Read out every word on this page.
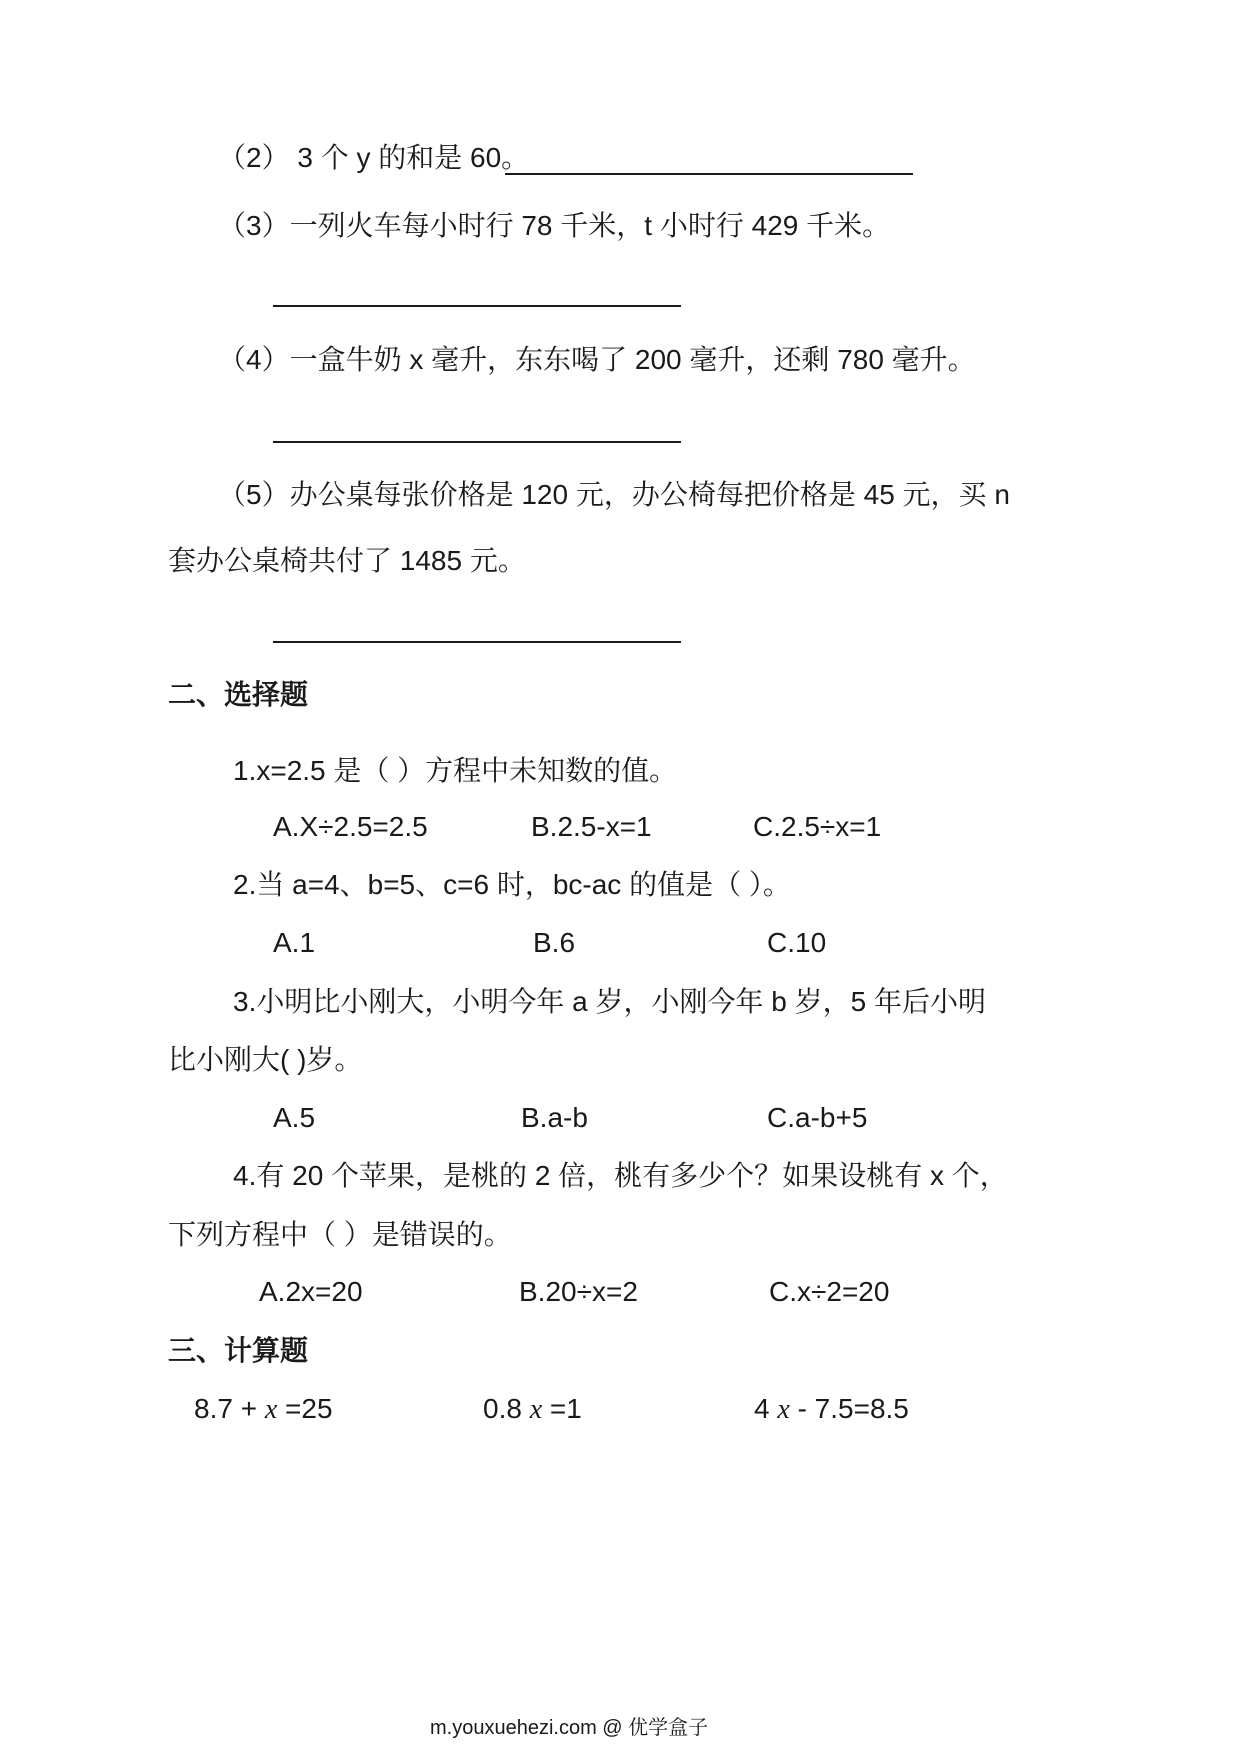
（2） 3 个 y 的和是 60。
（3）一列火车每小时行 78 千米，t 小时行 429 千米。
（4）一盒牛奶 x 毫升，东东喝了 200 毫升，还剩 780 毫升。
（5）办公桌每张价格是 120 元，办公椅每把价格是 45 元，买 n
套办公桌椅共付了 1485 元。
二、选择题
1.x=2.5 是（ ）方程中未知数的值。
A.X÷2.5=2.5	B.2.5-x=1	C.2.5÷x=1
2.当 a=4、b=5、c=6 时，bc-ac 的值是（ ）。
A.1	B.6	C.10
3.小明比小刚大，小明今年 a 岁，小刚今年 b 岁，5 年后小明
比小刚大( )岁。
A.5	B.a-b	C.a-b+5
4.有 20 个苹果，是桃的 2 倍，桃有多少个？如果设桃有 x 个，
下列方程中（ ）是错误的。
A.2x=20	B.20÷x=2	C.x÷2=20
三、计算题
8.7 + x =25	0.8 x =1	4 x - 7.5=8.5
m.youxuehezi.com @ 优学盒子
